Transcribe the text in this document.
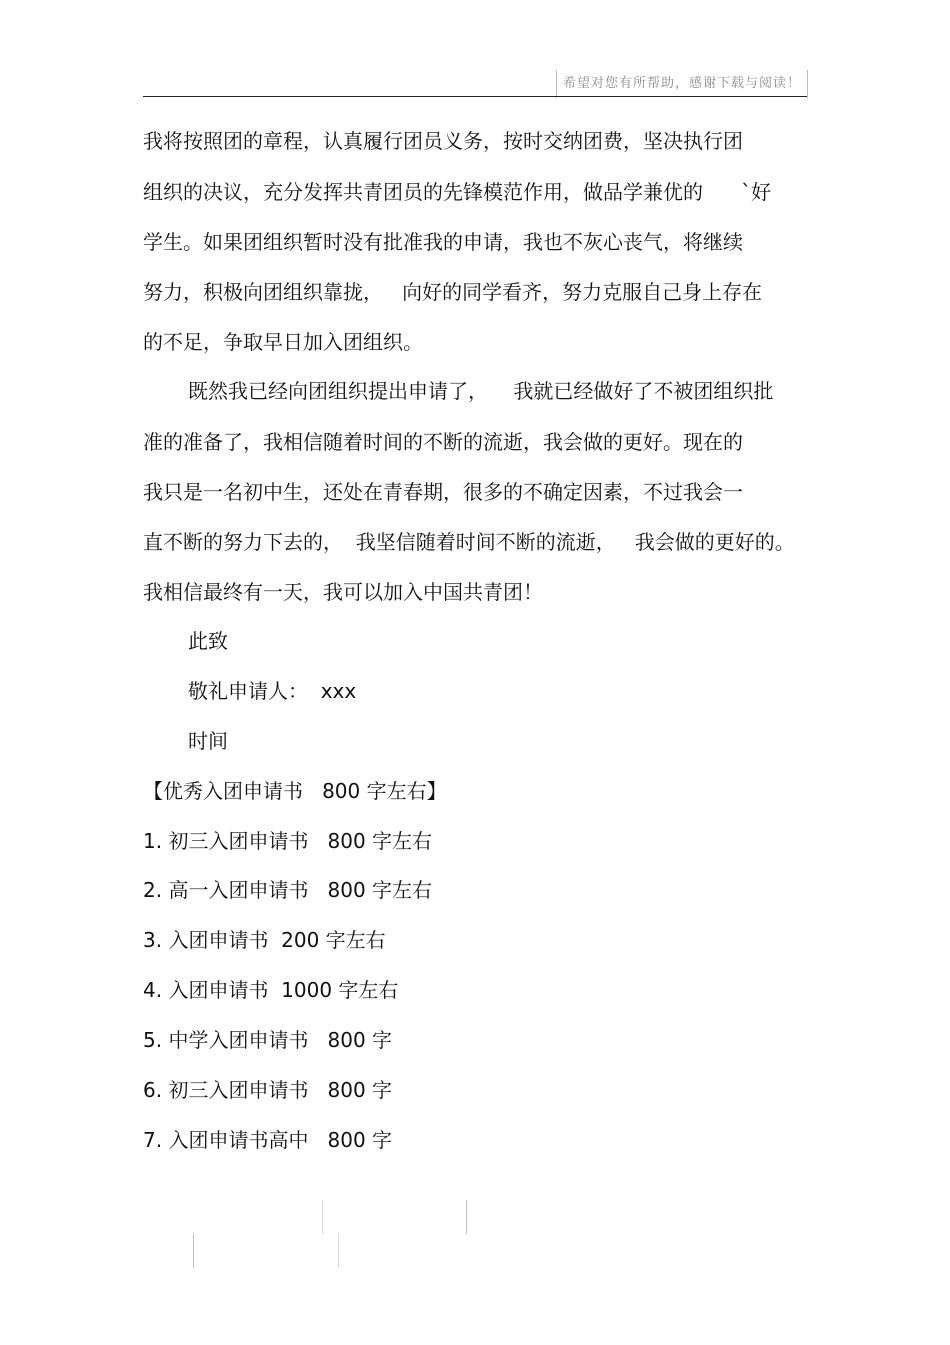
希望对您有所帮助，感谢下载与阅读！
我将按照团的章程，认真履行团员义务，按时交纳团费，坚决执行团
组织的决议，充分发挥共青团员的先锋模范作用，做品学兼优的      `好
学生。如果团组织暂时没有批准我的申请，我也不灰心丧气，将继续
努力，积极向团组织靠拢，   向好的同学看齐，努力克服自己身上存在
的不足，争取早日加入团组织。
既然我已经向团组织提出申请了，    我就已经做好了不被团组织批
准的准备了，我相信随着时间的不断的流逝，我会做的更好。现在的
我只是一名初中生，还处在青春期，很多的不确定因素，不过我会一
直不断的努力下去的，  我坚信随着时间不断的流逝，   我会做的更好的。
我相信最终有一天，我可以加入中国共青团！
此致
敬礼申请人：  xxx
时间
【优秀入团申请书   800 字左右】
1. 初三入团申请书   800 字左右
2. 高一入团申请书   800 字左右
3. 入团申请书  200 字左右
4. 入团申请书  1000 字左右
5. 中学入团申请书   800 字
6. 初三入团申请书   800 字
7. 入团申请书高中   800 字
